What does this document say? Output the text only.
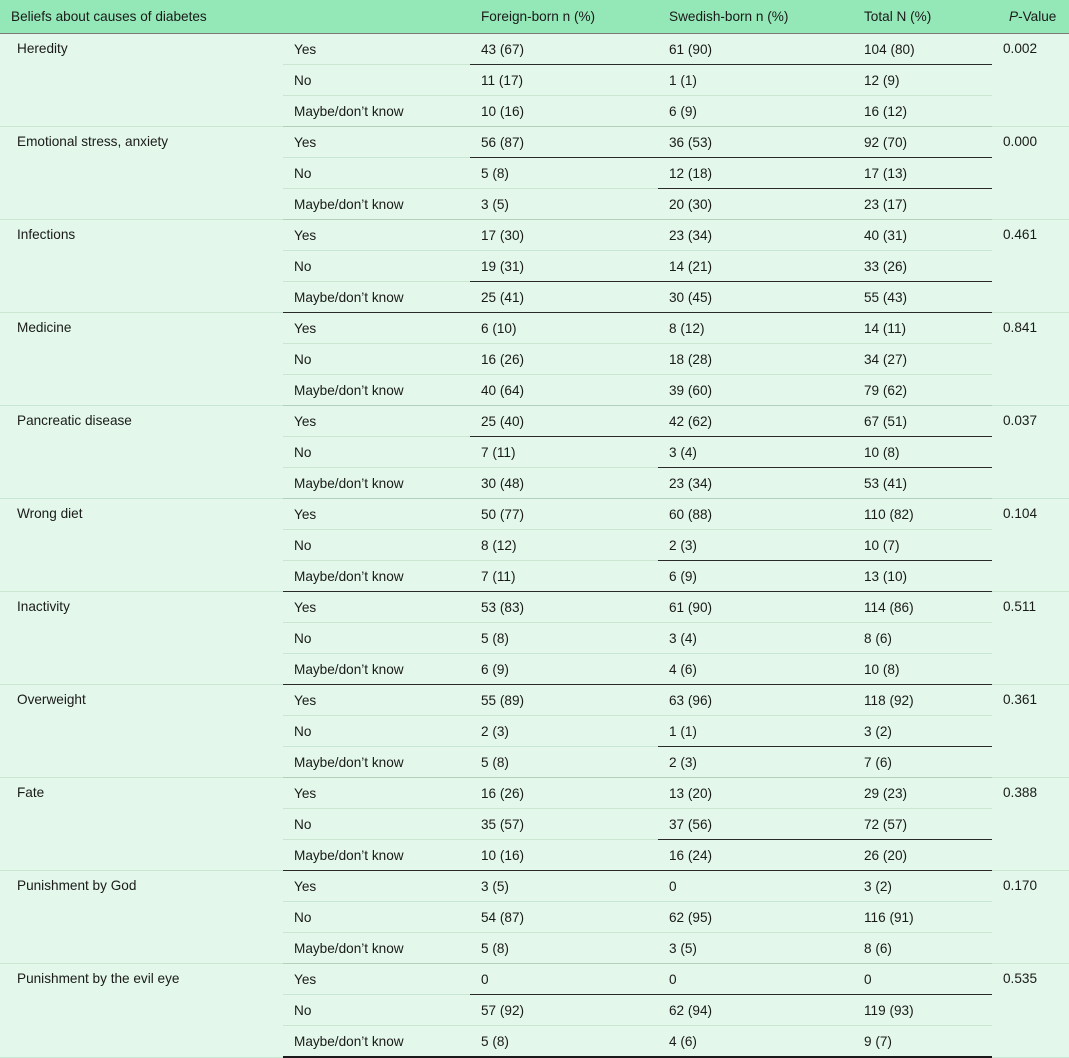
Beliefs about causes of diabetes		Foreign-born n (%)	Swedish-born n (%)	Total N (%)	P-Value
Heredity	Yes	43 (67)	61 (90)	104 (80)	0.002
	No	11 (17)	1 (1)	12 (9)	
	Maybe/don’t know	10 (16)	6 (9)	16 (12)	
Emotional stress, anxiety	Yes	56 (87)	36 (53)	92 (70)	0.000
	No	5 (8)	12 (18)	17 (13)	
	Maybe/don’t know	3 (5)	20 (30)	23 (17)	
Infections	Yes	17 (30)	23 (34)	40 (31)	0.461
	No	19 (31)	14 (21)	33 (26)	
	Maybe/don’t know	25 (41)	30 (45)	55 (43)	
Medicine	Yes	6 (10)	8 (12)	14 (11)	0.841
	No	16 (26)	18 (28)	34 (27)	
	Maybe/don’t know	40 (64)	39 (60)	79 (62)	
Pancreatic disease	Yes	25 (40)	42 (62)	67 (51)	0.037
	No	7 (11)	3 (4)	10 (8)	
	Maybe/don’t know	30 (48)	23 (34)	53 (41)	
Wrong diet	Yes	50 (77)	60 (88)	110 (82)	0.104
	No	8 (12)	2 (3)	10 (7)	
	Maybe/don’t know	7 (11)	6 (9)	13 (10)	
Inactivity	Yes	53 (83)	61 (90)	114 (86)	0.511
	No	5 (8)	3 (4)	8 (6)	
	Maybe/don’t know	6 (9)	4 (6)	10 (8)	
Overweight	Yes	55 (89)	63 (96)	118 (92)	0.361
	No	2 (3)	1 (1)	3 (2)	
	Maybe/don’t know	5 (8)	2 (3)	7 (6)	
Fate	Yes	16 (26)	13 (20)	29 (23)	0.388
	No	35 (57)	37 (56)	72 (57)	
	Maybe/don’t know	10 (16)	16 (24)	26 (20)	
Punishment by God	Yes	3 (5)	0	3 (2)	0.170
	No	54 (87)	62 (95)	116 (91)	
	Maybe/don’t know	5 (8)	3 (5)	8 (6)	
Punishment by the evil eye	Yes	0	0	0	0.535
	No	57 (92)	62 (94)	119 (93)	
	Maybe/don’t know	5 (8)	4 (6)	9 (7)	
